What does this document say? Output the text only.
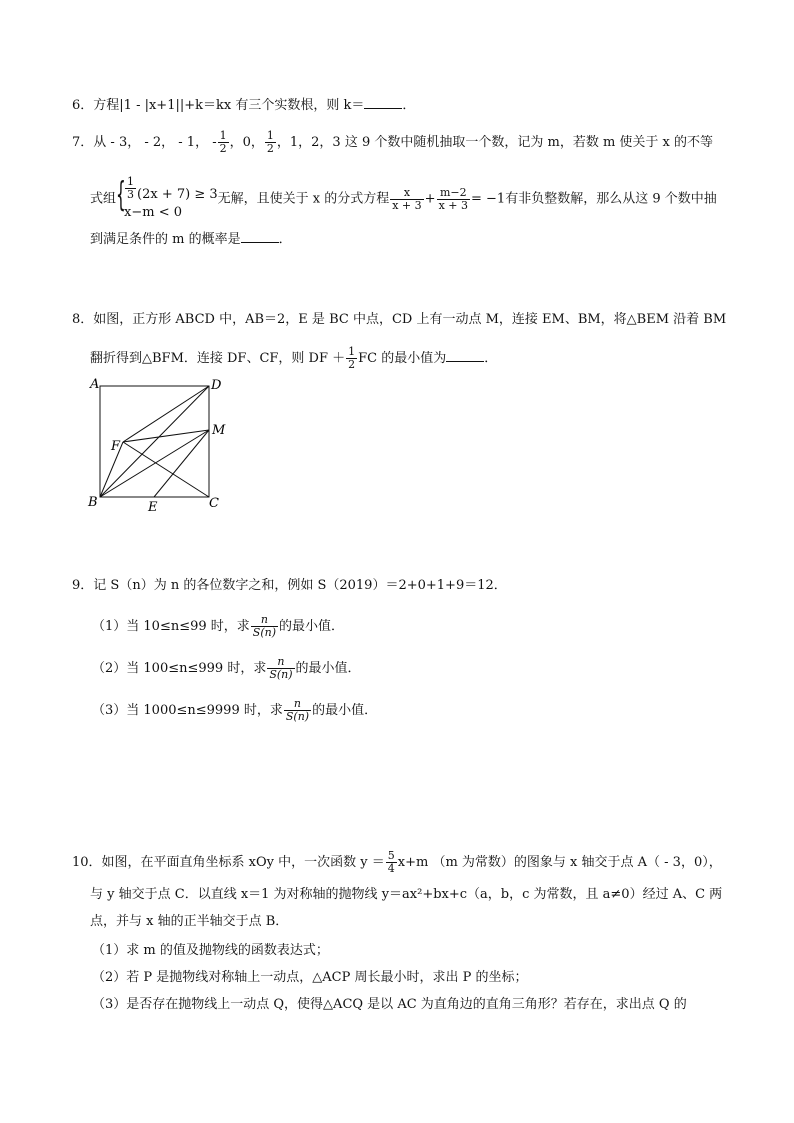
6．方程|1 - |x+1||+k＝kx 有三个实数根，则 k＝	．
7．从 - 3， - 2， - 1， - $\frac{1}{2}$ ，0， $\frac{1}{2}$ ，1，2，3 这 9 个数中随机抽取一个数，记为 m，若数 m 使关于 x 的不等
式组 { $\frac{1}{3} (2x + 7) \ge 3$
x−m < 0
无解，且使关于 x 的分式方程 $\frac{x}{x + 3} + \frac{m-2}{x + 3} = -1$有非负整数解，那么从这 9 个数中抽
到满足条件的 m 的概率是	．
8．如图，正方形 ABCD 中，AB＝2，E 是 BC 中点，CD 上有一动点 M，连接 EM、BM，将△BEM 沿着 BM
翻折得到△BFM．连接 DF、CF，则 DF ＋ $\frac{1}{2}$ FC 的最小值为	．
A	D
M
F
B	E	C
9．记 S（n）为 n 的各位数字之和，例如 S（2019）＝2+0+1+9＝12．
（1）当 10≤n≤99 时，求 $\frac{n}{S(n)}$ 的最小值．
（2）当 100≤n≤999 时，求 $\frac{n}{S(n)}$ 的最小值．
（3）当 1000≤n≤9999 时，求 $\frac{n}{S(n)}$ 的最小值．
10．如图，在平面直角坐标系 xOy 中，一次函数 $y = \frac{5}{4} x+m$ （m 为常数）的图象与 x 轴交于点 A（ - 3，0），
与 y 轴交于点 C．以直线 x＝1 为对称轴的抛物线 y＝ax²+bx+c（a，b，c 为常数，且 a≠0）经过 A、C 两
点，并与 x 轴的正半轴交于点 B．
（1）求 m 的值及抛物线的函数表达式；
（2）若 P 是抛物线对称轴上一动点，△ACP 周长最小时，求出 P 的坐标；
（3）是否存在抛物线上一动点 Q，使得△ACQ 是以 AC 为直角边的直角三角形？若存在，求出点 Q 的
